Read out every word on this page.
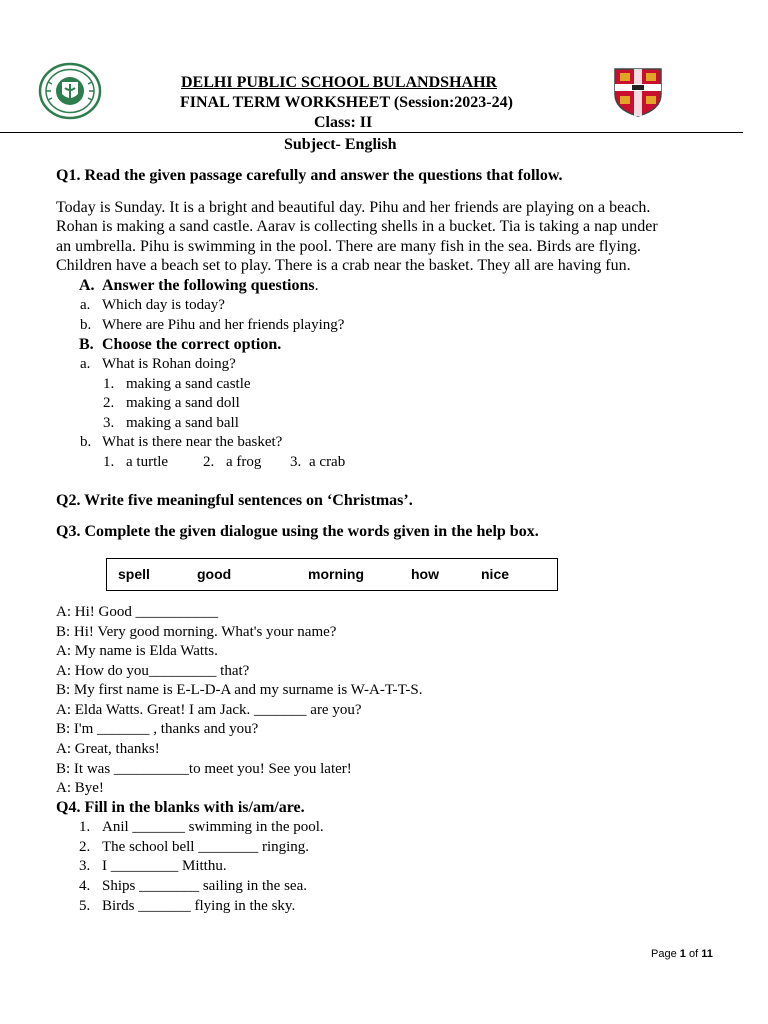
DELHI PUBLIC SCHOOL BULANDSHAHR
FINAL TERM WORKSHEET (Session:2023-24)
Class: II
Subject- English
Q1. Read the given passage carefully and answer the questions that follow.
Today is Sunday. It is a bright and beautiful day. Pihu and her friends are playing on a beach.
Rohan is making a sand castle. Aarav is collecting shells in a bucket. Tia is taking a nap under
an umbrella. Pihu is swimming in the pool. There are many fish in the sea. Birds are flying.
Children have a beach set to play. There is a crab near the basket. They all are having fun.
A. Answer the following questions.
a. Which day is today?
b. Where are Pihu and her friends playing?
B. Choose the correct option.
a. What is Rohan doing?
1. making a sand castle
2. making a sand doll
3. making a sand ball
b. What is there near the basket?
1. a turtle 2. a frog 3. a crab
Q2. Write five meaningful sentences on ‘Christmas’.
Q3. Complete the given dialogue using the words given in the help box.
spell	good	morning	how	nice
A: Hi! Good ___________
B: Hi! Very good morning. What's your name?
A: My name is Elda Watts.
A: How do you_________ that?
B: My first name is E-L-D-A and my surname is W-A-T-T-S.
A: Elda Watts. Great! I am Jack. _______ are you?
B: I'm _______ , thanks and you?
A: Great, thanks!
B: It was __________to meet you! See you later!
A: Bye!
Q4. Fill in the blanks with is/am/are.
1. Anil _______ swimming in the pool.
2. The school bell ________ ringing.
3. I _________ Mitthu.
4. Ships ________ sailing in the sea.
5. Birds _______ flying in the sky.
Page 1 of 11
